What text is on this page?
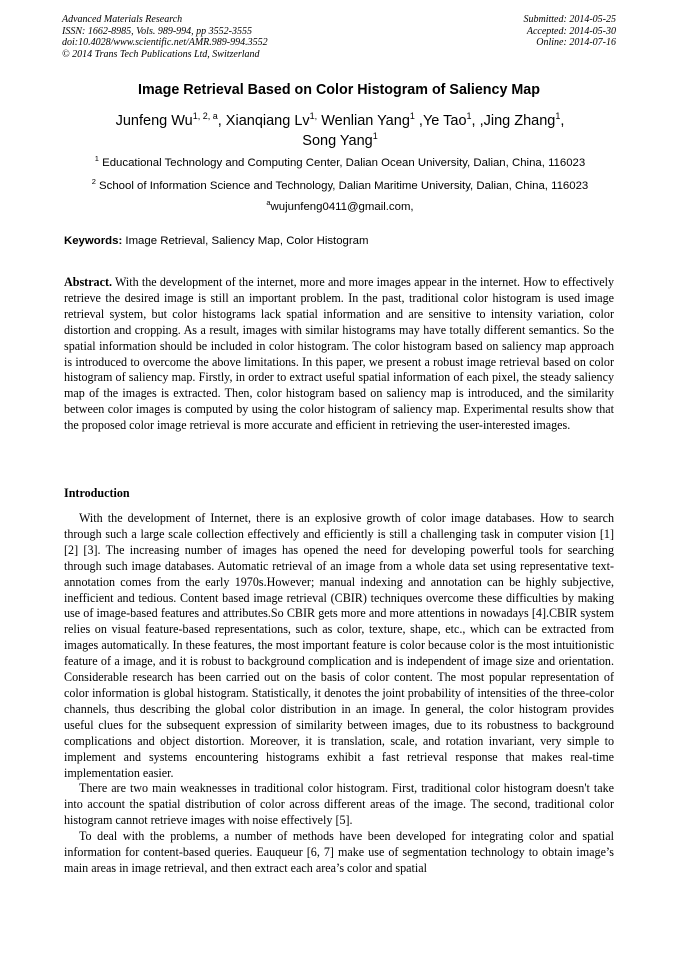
Advanced Materials Research
ISSN: 1662-8985, Vols. 989-994, pp 3552-3555
doi:10.4028/www.scientific.net/AMR.989-994.3552
© 2014 Trans Tech Publications Ltd, Switzerland
Submitted: 2014-05-25
Accepted: 2014-05-30
Online: 2014-07-16
Image Retrieval Based on Color Histogram of Saliency Map
Junfeng Wu$^{1, 2, a}$, Xianqiang $Lv^{1,}$ Wenlian Yang$^1$ ,Ye Tao$^1$, ,Jing Zhang$^1$,
Song Yang$^1$
$^1$ Educational Technology and Computing Center, Dalian Ocean University, Dalian, China, 116023
$^2$ School of Information Science and Technology, Dalian Maritime University, Dalian, China, 116023
$^a$wujunfeng0411@gmail.com,
Keywords: Image Retrieval, Saliency Map, Color Histogram

Abstract. With the development of the internet, more and more images appear in the internet. How to effectively retrieve the desired image is still an important problem. In the past, traditional color histogram is used image retrieval system, but color histograms lack spatial information and are sensitive to intensity variation, color distortion and cropping. As a result, images with similar histograms may have totally different semantics. So the spatial information should be included in color histogram. The color histogram based on saliency map approach is introduced to overcome the above limitations. In this paper, we present a robust image retrieval based on color histogram of saliency map. Firstly, in order to extract useful spatial information of each pixel, the steady saliency map of the images is extracted. Then, color histogram based on saliency map is introduced, and the similarity between color images is computed by using the color histogram of saliency map. Experimental results show that the proposed color image retrieval is more accurate and efficient in retrieving the user-interested images.

Introduction

With the development of Internet, there is an explosive growth of color image databases. How to search through such a large scale collection effectively and efficiently is still a challenging task in computer vision [1] [2] [3]. The increasing number of images has opened the need for developing powerful tools for searching through such image databases. Automatic retrieval of an image from a whole data set using representative text-annotation comes from the early 1970s.However; manual indexing and annotation can be highly subjective, inefficient and tedious. Content based image retrieval (CBIR) techniques overcome these difficulties by making use of image-based features and attributes.So CBIR gets more and more attentions in nowadays [4].CBIR system relies on visual feature-based representations, such as color, texture, shape, etc., which can be extracted from images automatically. In these features, the most important feature is color because color is the most intuitionistic feature of a image, and it is robust to background complication and is independent of image size and orientation. Considerable research has been carried out on the basis of color content. The most popular representation of color information is global histogram. Statistically, it denotes the joint probability of intensities of the three-color channels, thus describing the global color distribution in an image. In general, the color histogram provides useful clues for the subsequent expression of similarity between images, due to its robustness to background complications and object distortion. Moreover, it is translation, scale, and rotation invariant, very simple to implement and systems encountering histograms exhibit a fast retrieval response that makes real-time implementation easier.

There are two main weaknesses in traditional color histogram. First, traditional color histogram doesn't take into account the spatial distribution of color across different areas of the image. The second, traditional color histogram cannot retrieve images with noise effectively [5].

To deal with the problems, a number of methods have been developed for integrating color and spatial information for content-based queries. Eauqueur [6, 7] make use of segmentation technology to obtain image’s main areas in image retrieval, and then extract each area’s color and spatial
